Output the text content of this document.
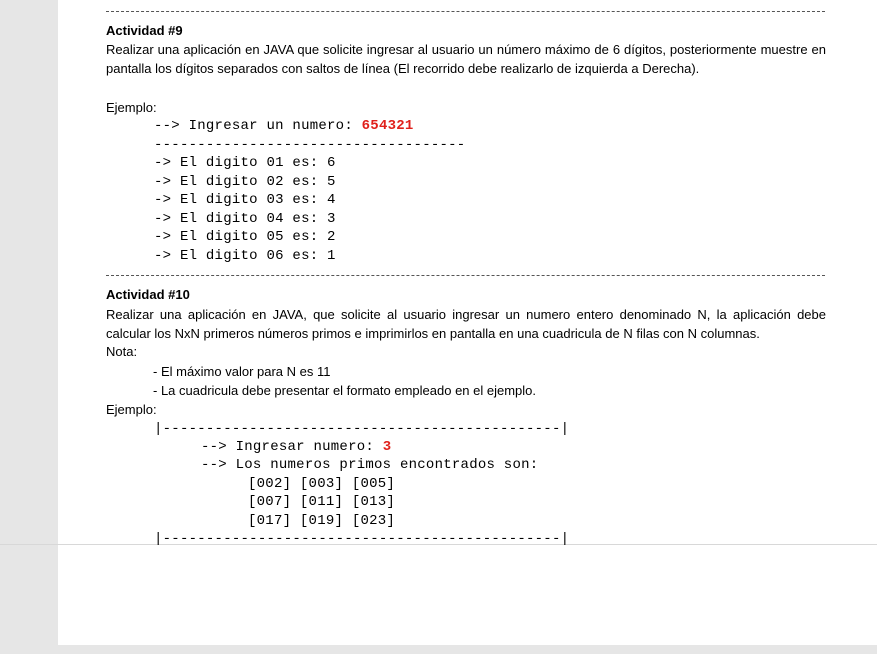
Actividad #9
Realizar una aplicación en JAVA que solicite ingresar al usuario un número máximo de 6 dígitos, posteriormente muestre en pantalla los dígitos separados con saltos de línea (El recorrido debe realizarlo de izquierda a Derecha).
Ejemplo:
--> Ingresar un numero: 654321
------------------------------------
-> El digito 01 es: 6
-> El digito 02 es: 5
-> El digito 03 es: 4
-> El digito 04 es: 3
-> El digito 05 es: 2
-> El digito 06 es: 1
Actividad #10
Realizar una aplicación en JAVA, que solicite al usuario ingresar un numero entero denominado N, la aplicación debe calcular los NxN primeros números primos e imprimirlos en pantalla en una cuadricula de N filas con N columnas.
Nota:
- El máximo valor para N es 11
- La cuadricula debe presentar el formato empleado en el ejemplo.
Ejemplo:
|----------------------------------------------|
--> Ingresar numero: 3
--> Los numeros primos encontrados son:
[002] [003] [005]
[007] [011] [013]
[017] [019] [023]
|----------------------------------------------|
